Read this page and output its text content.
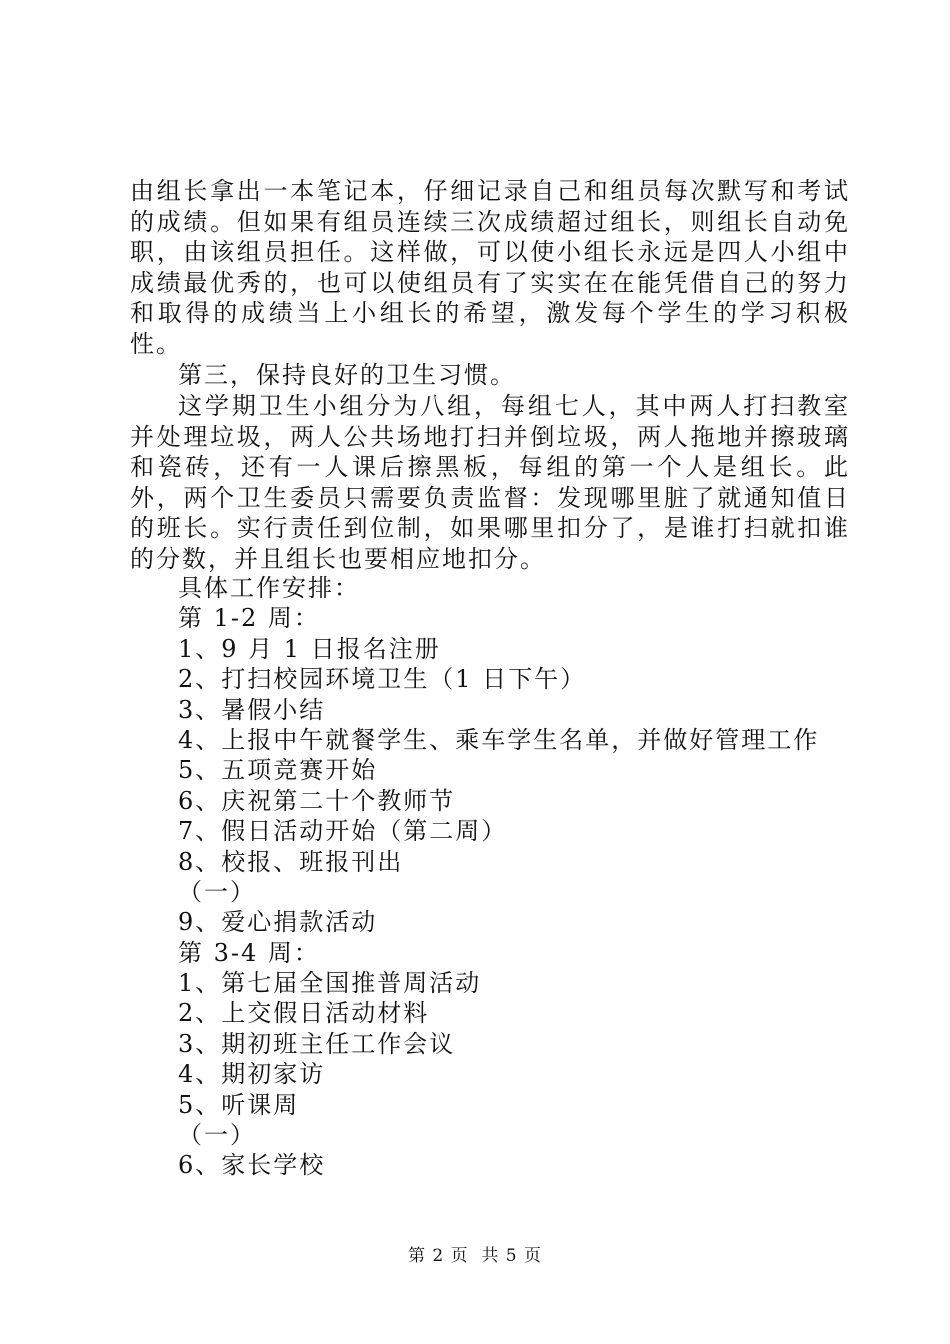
由组长拿出一本笔记本，仔细记录自己和组员每次默写和考试的成绩。但如果有组员连续三次成绩超过组长，则组长自动免职，由该组员担任。这样做，可以使小组长永远是四人小组中成绩最优秀的，也可以使组员有了实实在在能凭借自己的努力和取得的成绩当上小组长的希望，激发每个学生的学习积极性。
第三，保持良好的卫生习惯。
这学期卫生小组分为八组，每组七人，其中两人打扫教室并处理垃圾，两人公共场地打扫并倒垃圾，两人拖地并擦玻璃和瓷砖，还有一人课后擦黑板，每组的第一个人是组长。此外，两个卫生委员只需要负责监督：发现哪里脏了就通知值日的班长。实行责任到位制，如果哪里扣分了，是谁打扫就扣谁的分数，并且组长也要相应地扣分。
具体工作安排：
第 1-2 周：
1、9 月 1 日报名注册
2、打扫校园环境卫生（1 日下午）
3、暑假小结
4、上报中午就餐学生、乘车学生名单，并做好管理工作
5、五项竞赛开始
6、庆祝第二十个教师节
7、假日活动开始（第二周）
8、校报、班报刊出
（一）
9、爱心捐款活动
第 3-4 周：
1、第七届全国推普周活动
2、上交假日活动材料
3、期初班主任工作会议
4、期初家访
5、听课周
（一）
6、家长学校
第 2 页  共 5 页
